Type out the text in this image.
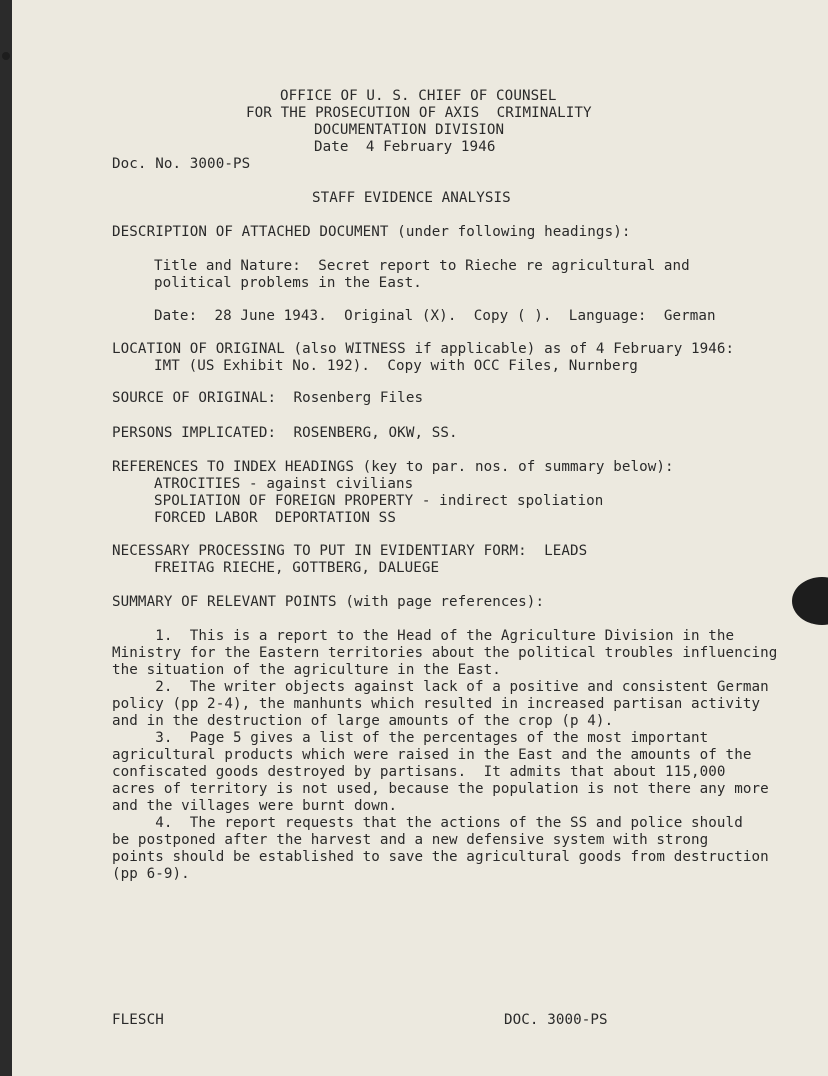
OFFICE OF U. S. CHIEF OF COUNSEL
FOR THE PROSECUTION OF AXIS  CRIMINALITY
DOCUMENTATION DIVISION
Date  4 February 1946
Doc. No. 3000-PS
STAFF EVIDENCE ANALYSIS
DESCRIPTION OF ATTACHED DOCUMENT (under following headings):
Title and Nature:  Secret report to Rieche re agricultural and
political problems in the East.
Date:  28 June 1943.  Original (X).  Copy ( ).  Language:  German
LOCATION OF ORIGINAL (also WITNESS if applicable) as of 4 February 1946:
IMT (US Exhibit No. 192).  Copy with OCC Files, Nurnberg
SOURCE OF ORIGINAL:  Rosenberg Files
PERSONS IMPLICATED:  ROSENBERG, OKW, SS.
REFERENCES TO INDEX HEADINGS (key to par. nos. of summary below):
ATROCITIES - against civilians
SPOLIATION OF FOREIGN PROPERTY - indirect spoliation
FORCED LABOR  DEPORTATION SS
NECESSARY PROCESSING TO PUT IN EVIDENTIARY FORM:  LEADS
FREITAG RIECHE, GOTTBERG, DALUEGE
SUMMARY OF RELEVANT POINTS (with page references):
1.  This is a report to the Head of the Agriculture Division in the
Ministry for the Eastern territories about the political troubles influencing
the situation of the agriculture in the East.
2.  The writer objects against lack of a positive and consistent German
policy (pp 2-4), the manhunts which resulted in increased partisan activity
and in the destruction of large amounts of the crop (p 4).
3.  Page 5 gives a list of the percentages of the most important
agricultural products which were raised in the East and the amounts of the
confiscated goods destroyed by partisans.  It admits that about 115,000
acres of territory is not used, because the population is not there any more
and the villages were burnt down.
4.  The report requests that the actions of the SS and police should
be postponed after the harvest and a new defensive system with strong
points should be established to save the agricultural goods from destruction
(pp 6-9).
FLESCH	DOC. 3000-PS
